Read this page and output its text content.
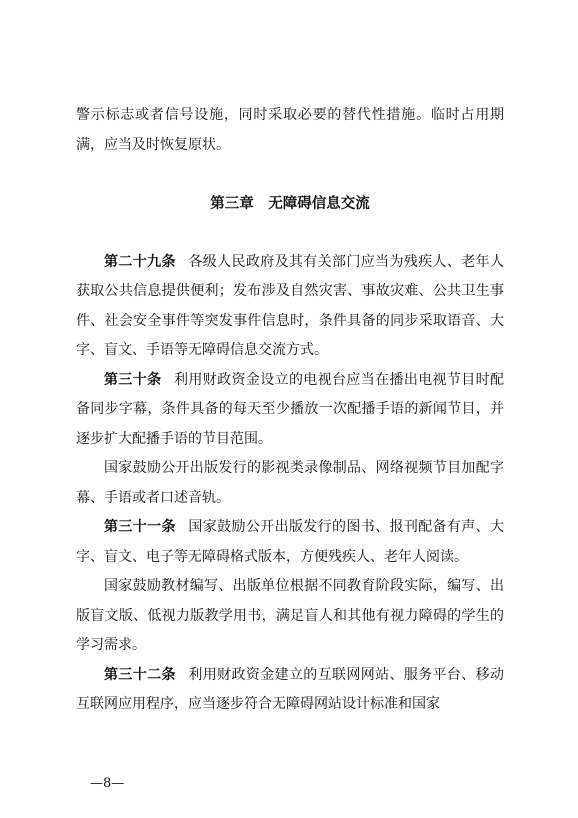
警示标志或者信号设施，同时采取必要的替代性措施。临时占用期满，应当及时恢复原状。

第三章　无障碍信息交流

第二十九条 各级人民政府及其有关部门应当为残疾人、老年人获取公共信息提供便利；发布涉及自然灾害、事故灾难、公共卫生事件、社会安全事件等突发事件信息时，条件具备的同步采取语音、大字、盲文、手语等无障碍信息交流方式。

第三十条 利用财政资金设立的电视台应当在播出电视节目时配备同步字幕，条件具备的每天至少播放一次配播手语的新闻节目，并逐步扩大配播手语的节目范围。

国家鼓励公开出版发行的影视类录像制品、网络视频节目加配字幕、手语或者口述音轨。

第三十一条 国家鼓励公开出版发行的图书、报刊配备有声、大字、盲文、电子等无障碍格式版本，方便残疾人、老年人阅读。

国家鼓励教材编写、出版单位根据不同教育阶段实际，编写、出版盲文版、低视力版教学用书，满足盲人和其他有视力障碍的学生的学习需求。

第三十二条 利用财政资金建立的互联网网站、服务平台、移动互联网应用程序，应当逐步符合无障碍网站设计标准和国家

—8—
